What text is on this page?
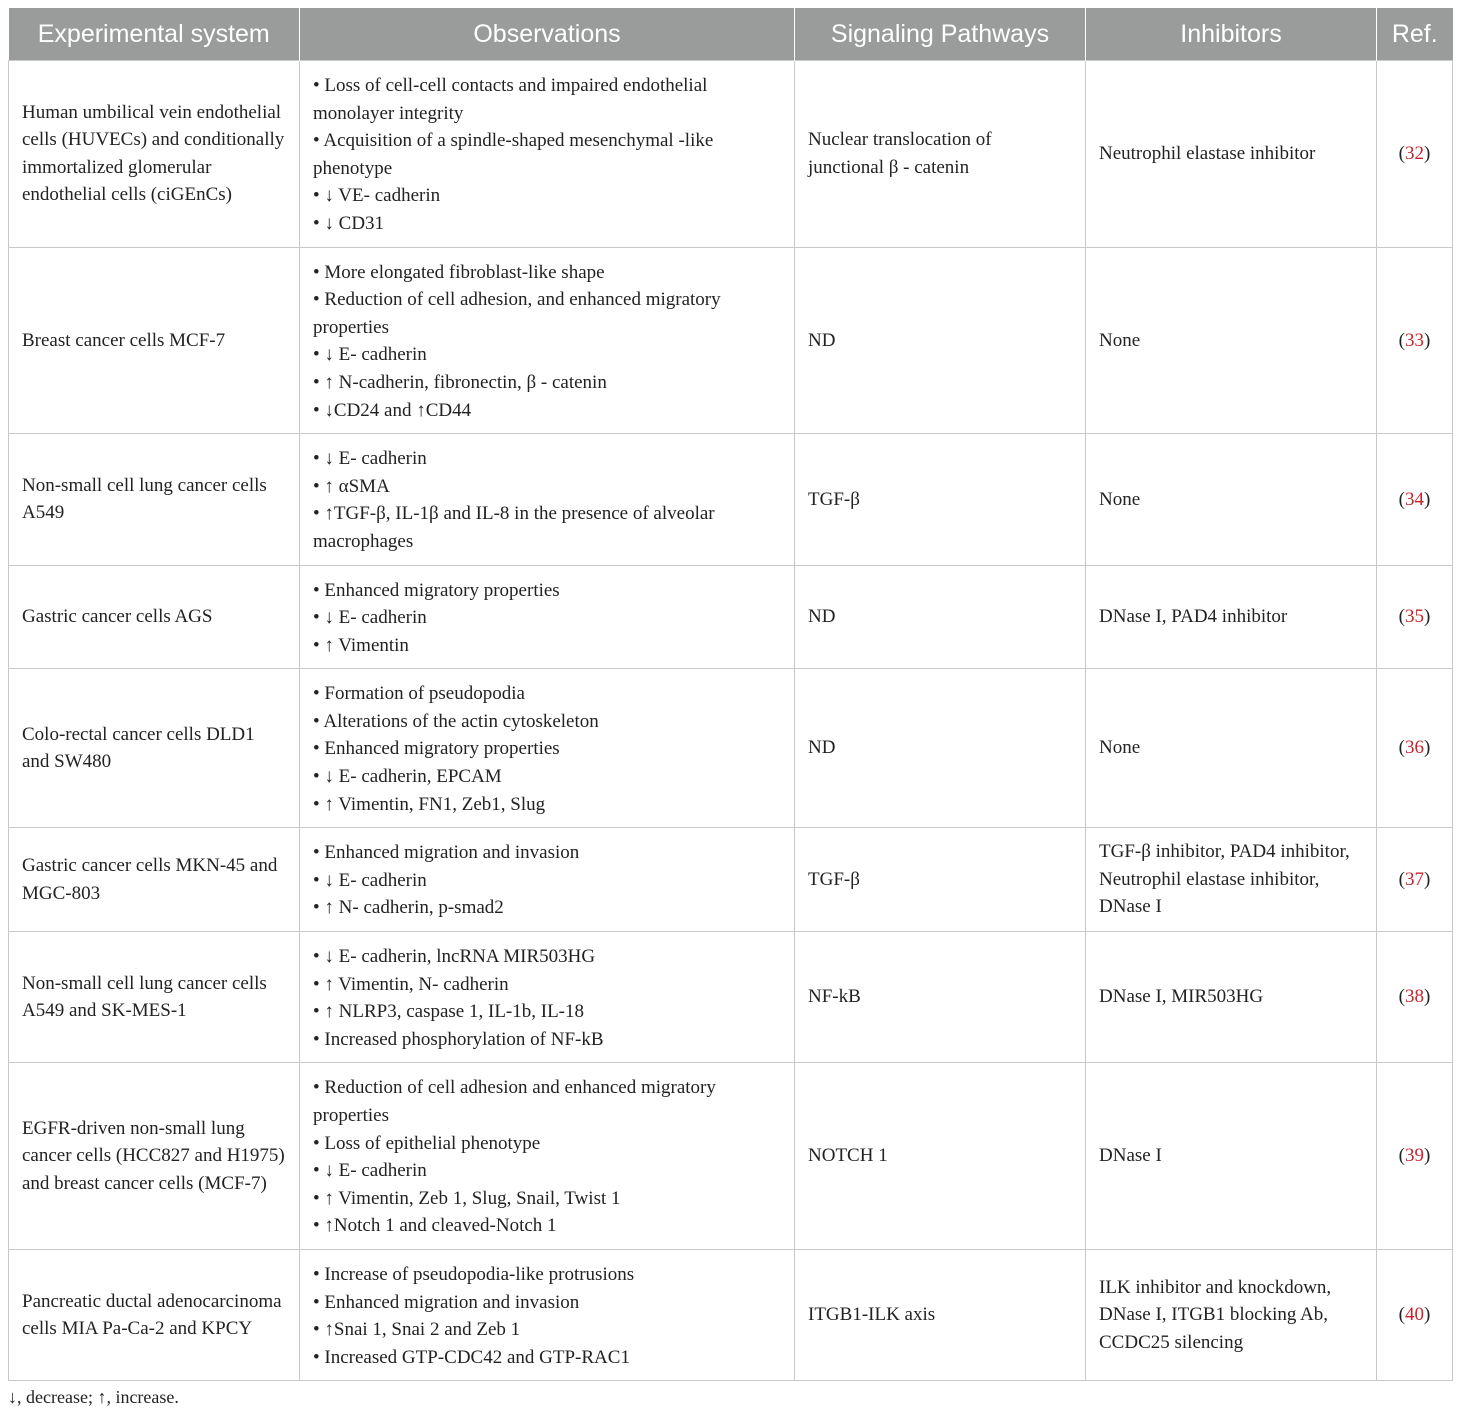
Experimental system	Observations	Signaling Pathways	Inhibitors	Ref.
Human umbilical vein endothelial cells (HUVECs) and conditionally immortalized glomerular endothelial cells (ciGEnCs)	• Loss of cell-cell contacts and impaired endothelial monolayer integrity
• Acquisition of a spindle-shaped mesenchymal -like phenotype
• ↓ VE- cadherin
• ↓ CD31	Nuclear translocation of junctional β - catenin	Neutrophil elastase inhibitor	(32)
Breast cancer cells MCF-7	• More elongated fibroblast-like shape
• Reduction of cell adhesion, and enhanced migratory properties
• ↓ E- cadherin
• ↑ N-cadherin, fibronectin, β - catenin
• ↓CD24 and ↑CD44	ND	None	(33)
Non-small cell lung cancer cells A549	• ↓ E- cadherin
• ↑ αSMA
• ↑TGF-β, IL-1β and IL-8 in the presence of alveolar macrophages	TGF-β	None	(34)
Gastric cancer cells AGS	• Enhanced migratory properties
• ↓ E- cadherin
• ↑ Vimentin	ND	DNase I, PAD4 inhibitor	(35)
Colo-rectal cancer cells DLD1 and SW480	• Formation of pseudopodia
• Alterations of the actin cytoskeleton
• Enhanced migratory properties
• ↓ E- cadherin, EPCAM
• ↑ Vimentin, FN1, Zeb1, Slug	ND	None	(36)
Gastric cancer cells MKN-45 and MGC-803	• Enhanced migration and invasion
• ↓ E- cadherin
• ↑ N- cadherin, p-smad2	TGF-β	TGF-β inhibitor, PAD4 inhibitor, Neutrophil elastase inhibitor, DNase I	(37)
Non-small cell lung cancer cells A549 and SK-MES-1	• ↓ E- cadherin, lncRNA MIR503HG
• ↑ Vimentin, N- cadherin
• ↑ NLRP3, caspase 1, IL-1b, IL-18
• Increased phosphorylation of NF-kB	NF-kB	DNase I, MIR503HG	(38)
EGFR-driven non-small lung cancer cells (HCC827 and H1975) and breast cancer cells (MCF-7)	• Reduction of cell adhesion and enhanced migratory properties
• Loss of epithelial phenotype
• ↓ E- cadherin
• ↑ Vimentin, Zeb 1, Slug, Snail, Twist 1
• ↑Notch 1 and cleaved-Notch 1	NOTCH 1	DNase I	(39)
Pancreatic ductal adenocarcinoma cells MIA Pa-Ca-2 and KPCY	• Increase of pseudopodia-like protrusions
• Enhanced migration and invasion
• ↑Snai 1, Snai 2 and Zeb 1
• Increased GTP-CDC42 and GTP-RAC1	ITGB1-ILK axis	ILK inhibitor and knockdown, DNase I, ITGB1 blocking Ab, CCDC25 silencing	(40)
↓, decrease; ↑, increase.
